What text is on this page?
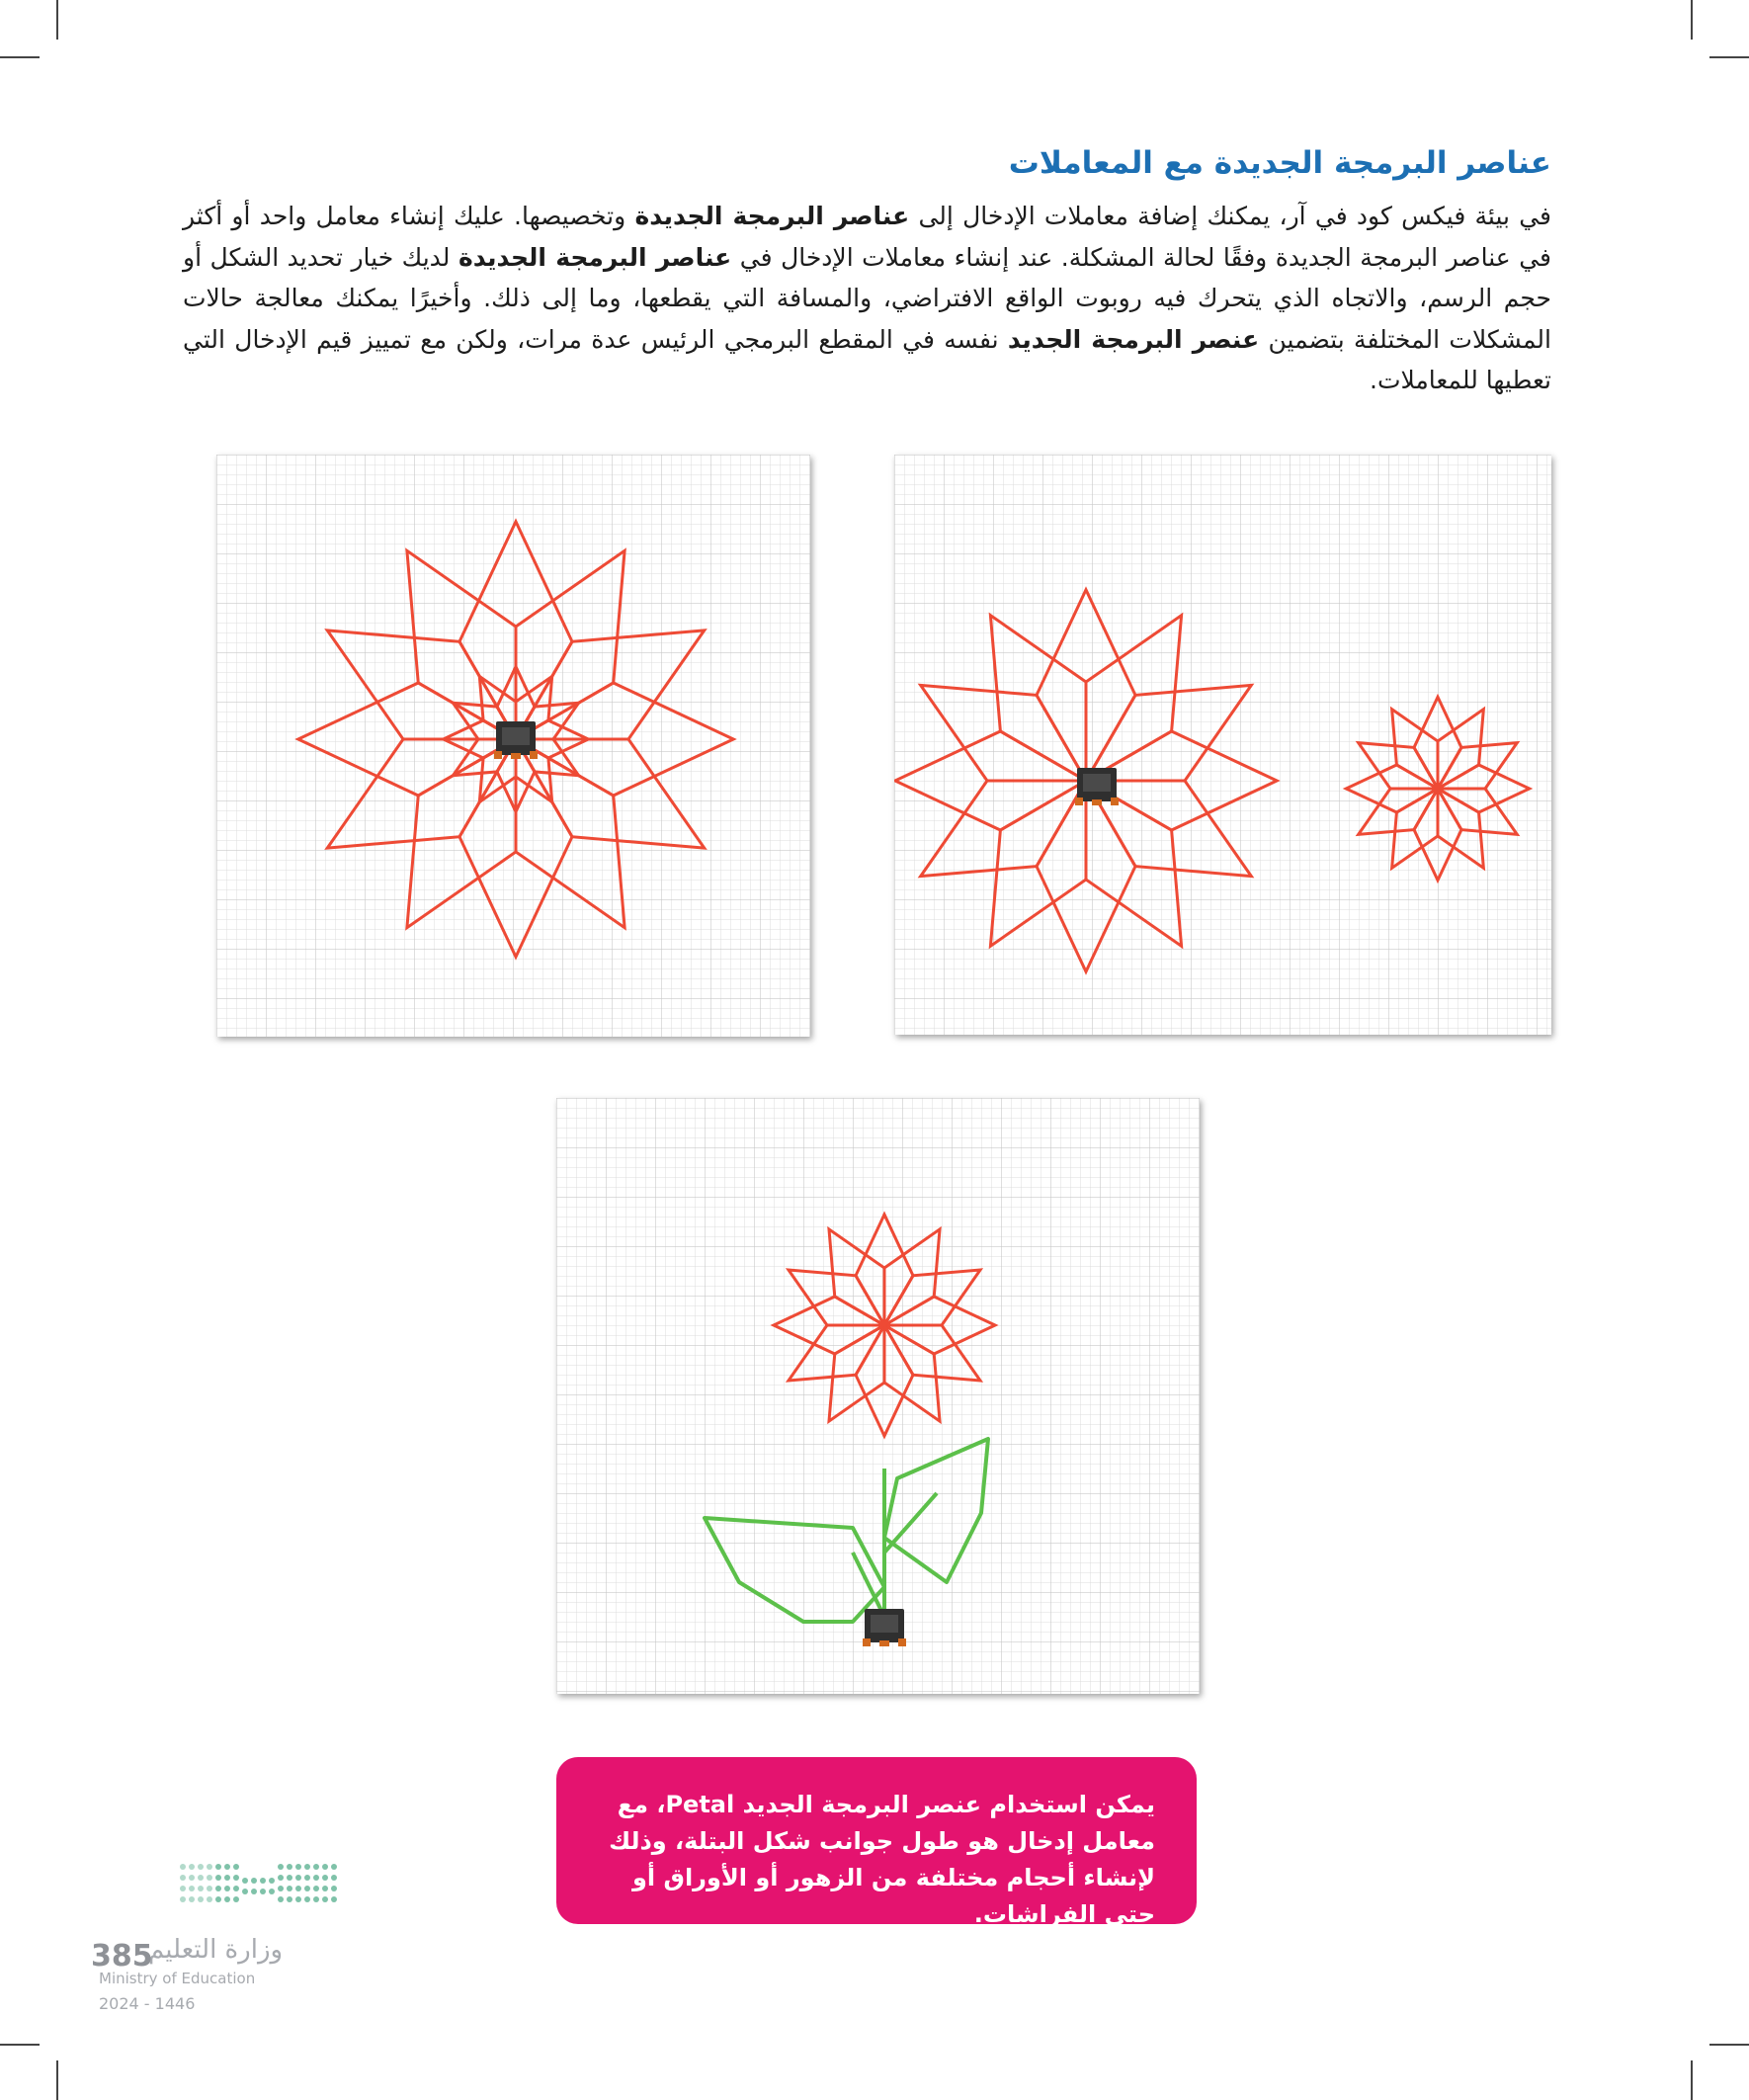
عناصر البرمجة الجديدة مع المعاملات

في بيئة فيكس كود في آر، يمكنك إضافة معاملات الإدخال إلى عناصر البرمجة الجديدة وتخصيصها. عليك إنشاء معامل واحد أو أكثر في عناصر البرمجة الجديدة وفقًا لحالة المشكلة. عند إنشاء معاملات الإدخال في عناصر البرمجة الجديدة لديك خيار تحديد الشكل أو حجم الرسم، والاتجاه الذي يتحرك فيه روبوت الواقع الافتراضي، والمسافة التي يقطعها، وما إلى ذلك. وأخيرًا يمكنك معالجة حالات المشكلات المختلفة بتضمين عنصر البرمجة الجديد نفسه في المقطع البرمجي الرئيس عدة مرات، ولكن مع تمييز قيم الإدخال التي تعطيها للمعاملات.

يمكن استخدام عنصر البرمجة الجديد Petal، مع معامل إدخال هو طول جوانب شكل البتلة، وذلك لإنشاء أحجام مختلفة من الزهور أو الأوراق أو حتى الفراشات.
وزارة التعليم
385
Ministry of Education
2024 - 1446
